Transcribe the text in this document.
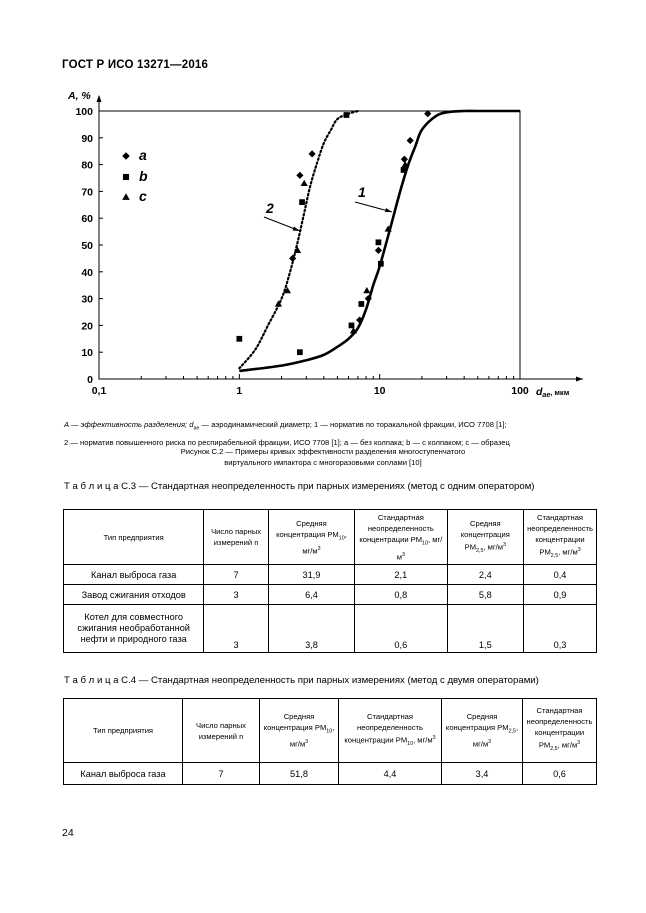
ГОСТ Р ИСО 13271—2016
0
10
20
30
40
50
60
70
80
90
100
0,1	1	10	100
A, %
$d_{ae}^{, мкм}$
1
2
a
b
c
A — эффективность разделения; $d_{ae}$ — аэродинамический диаметр; 1 — норматив по торакальной фракции, ИСО 7708 [1];
2 — норматив повышенного риска по респирабельной фракции, ИСО 7708 [1]; a — без колпака; b — с колпаком; c — образец
Рисунок С.2 — Примеры кривых эффективности разделения многоступенчатого
виртуального импактора с многоразовыми соплами [10]
Т а б л и ц а С.3 — Стандартная неопределенность при парных измерениях (метод с одним оператором)
Тип предприятия	Число парных измерений n	Средняя концентрация $PM_{10}$, $мг/м^3$	Стандартная неопределенность концентрации $PM_{10}$, $мг/м^3$	Средняя концентрация $PM_{2,5}$, $мг/м^3$	Стандартная неопределенность концентрации $PM_{2,5}$, $мг/м^3$
Канал выброса газа	7	31,9	2,1	2,4	0,4
Завод сжигания отходов	3	6,4	0,8	5,8	0,9
Котел для совместного сжигания необработанной нефти и природного газа	3	3,8	0,6	1,5	0,3
Т а б л и ц а С.4 — Стандартная неопределенность при парных измерениях (метод с двумя операторами)
Тип предприятия	Число парных измерений n	Средняя концентрация $PM_{10}$, $мг/м^3$	Стандартная неопределенность концентрации $PM_{10}$, $мг/м^3$	Средняя концентрация $PM_{2,5}$, $мг/м^3$	Стандартная неопределенность концентрации $PM_{2,5}$, $мг/м^3$
Канал выброса газа	7	51,8	4,4	3,4	0,6
24
